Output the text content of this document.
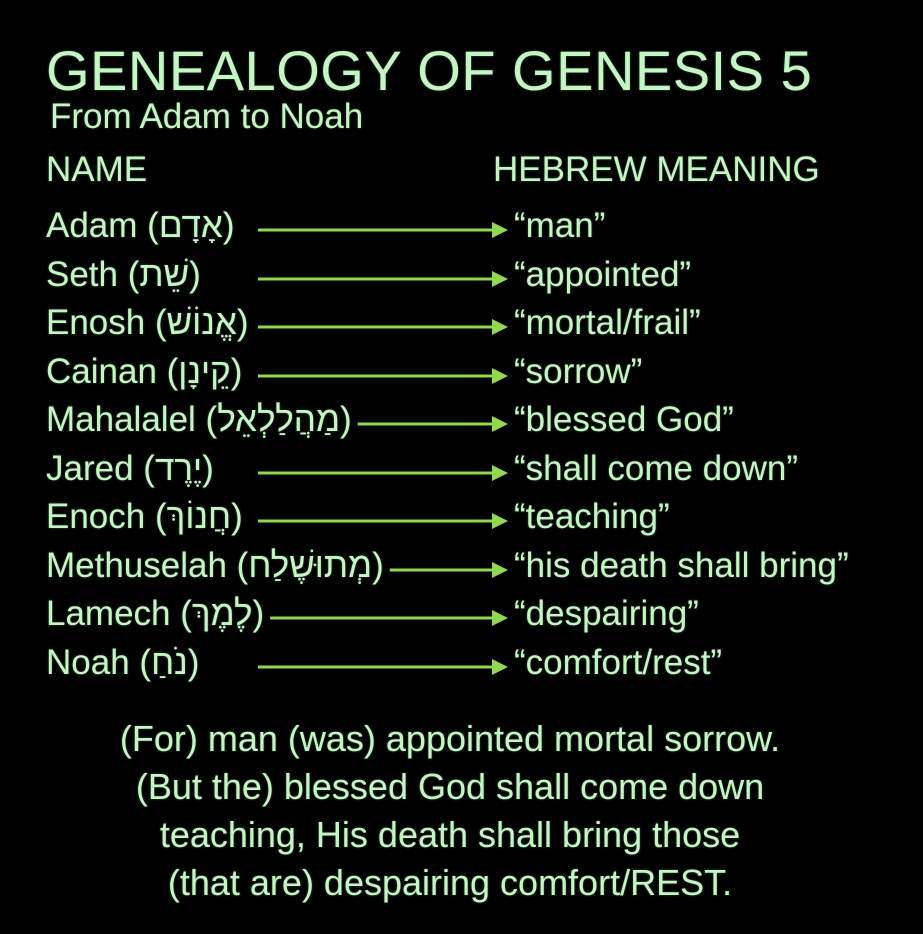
GENEALOGY OF GENESIS 5
From Adam to Noah
NAME	HEBREW MEANING
Adam (אָדָם)	“man”
Seth (שֵׁת)	“appointed”
Enosh (אֱנוֹשׁ)	“mortal/frail”
Cainan (קֵינָן)	“sorrow”
Mahalalel (מַהֲלַלְאֵל)	“blessed God”
Jared (יֶרֶד)	“shall come down”
Enoch (חֲנוֹךְ)	“teaching”
Methuselah (מְתוּשֶׁלַח)	“his death shall bring”
Lamech (לֶמֶךְ)	“despairing”
Noah (נֹחַ)	“comfort/rest”
(For) man (was) appointed mortal sorrow.
(But the) blessed God shall come down
teaching, His death shall bring those
(that are) despairing comfort/REST.
